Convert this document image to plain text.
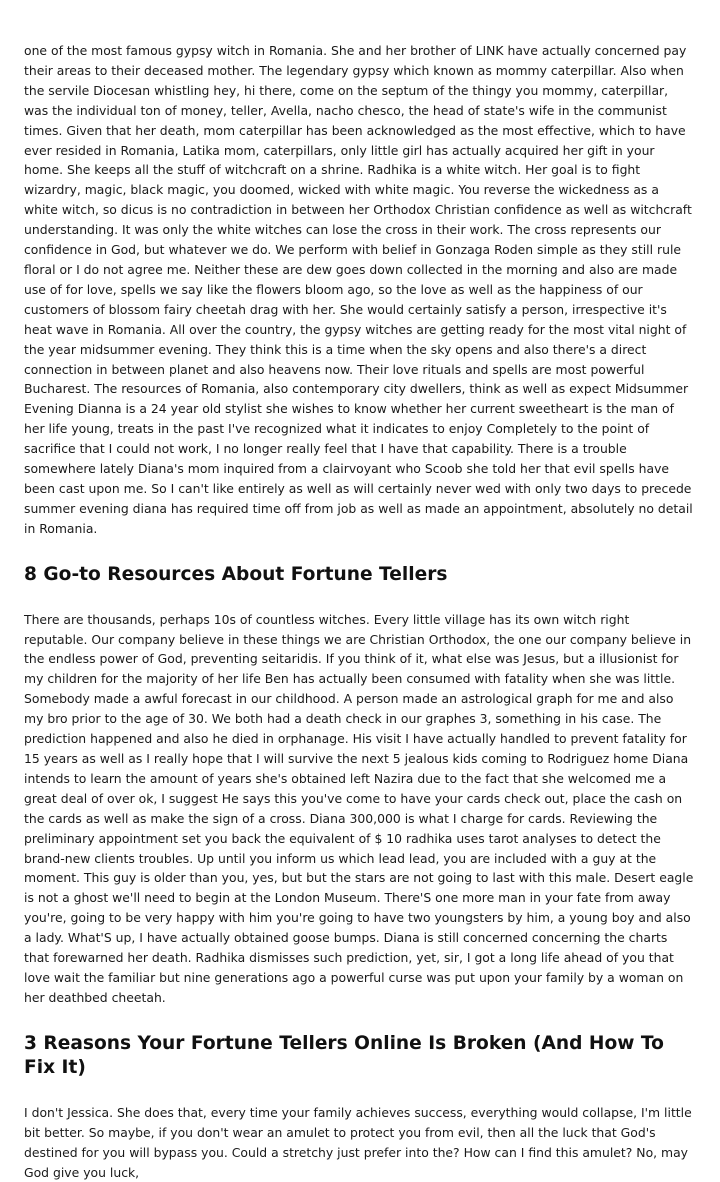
one of the most famous gypsy witch in Romania. She and her brother of LINK have actually concerned pay their areas to their deceased mother. The legendary gypsy which known as mommy caterpillar. Also when the servile Diocesan whistling hey, hi there, come on the septum of the thingy you mommy, caterpillar, was the individual ton of money, teller, Avella, nacho chesco, the head of state's wife in the communist times. Given that her death, mom caterpillar has been acknowledged as the most effective, which to have ever resided in Romania, Latika mom, caterpillars, only little girl has actually acquired her gift in your home. She keeps all the stuff of witchcraft on a shrine. Radhika is a white witch. Her goal is to fight wizardry, magic, black magic, you doomed, wicked with white magic. You reverse the wickedness as a white witch, so dicus is no contradiction in between her Orthodox Christian confidence as well as witchcraft understanding. It was only the white witches can lose the cross in their work. The cross represents our confidence in God, but whatever we do. We perform with belief in Gonzaga Roden simple as they still rule floral or I do not agree me. Neither these are dew goes down collected in the morning and also are made use of for love, spells we say like the flowers bloom ago, so the love as well as the happiness of our customers of blossom fairy cheetah drag with her. She would certainly satisfy a person, irrespective it's heat wave in Romania. All over the country, the gypsy witches are getting ready for the most vital night of the year midsummer evening. They think this is a time when the sky opens and also there's a direct connection in between planet and also heavens now. Their love rituals and spells are most powerful Bucharest. The resources of Romania, also contemporary city dwellers, think as well as expect Midsummer Evening Dianna is a 24 year old stylist she wishes to know whether her current sweetheart is the man of her life young, treats in the past I've recognized what it indicates to enjoy Completely to the point of sacrifice that I could not work, I no longer really feel that I have that capability. There is a trouble somewhere lately Diana's mom inquired from a clairvoyant who Scoob she told her that evil spells have been cast upon me. So I can't like entirely as well as will certainly never wed with only two days to precede summer evening diana has required time off from job as well as made an appointment, absolutely no detail in Romania.

8 Go-to Resources About Fortune Tellers

There are thousands, perhaps 10s of countless witches. Every little village has its own witch right reputable. Our company believe in these things we are Christian Orthodox, the one our company believe in the endless power of God, preventing seitaridis. If you think of it, what else was Jesus, but a illusionist for my children for the majority of her life Ben has actually been consumed with fatality when she was little. Somebody made a awful forecast in our childhood. A person made an astrological graph for me and also my bro prior to the age of 30. We both had a death check in our graphes 3, something in his case. The prediction happened and also he died in orphanage. His visit I have actually handled to prevent fatality for 15 years as well as I really hope that I will survive the next 5 jealous kids coming to Rodriguez home Diana intends to learn the amount of years she's obtained left Nazira due to the fact that she welcomed me a great deal of over ok, I suggest He says this you've come to have your cards check out, place the cash on the cards as well as make the sign of a cross. Diana 300,000 is what I charge for cards. Reviewing the preliminary appointment set you back the equivalent of $ 10 radhika uses tarot analyses to detect the brand-new clients troubles. Up until you inform us which lead lead, you are included with a guy at the moment. This guy is older than you, yes, but but the stars are not going to last with this male. Desert eagle is not a ghost we'll need to begin at the London Museum. There'S one more man in your fate from away you're, going to be very happy with him you're going to have two youngsters by him, a young boy and also a lady. What'S up, I have actually obtained goose bumps. Diana is still concerned concerning the charts that forewarned her death. Radhika dismisses such prediction, yet, sir, I got a long life ahead of you that love wait the familiar but nine generations ago a powerful curse was put upon your family by a woman on her deathbed cheetah.

3 Reasons Your Fortune Tellers Online Is Broken (And How To Fix It)

I don't Jessica. She does that, every time your family achieves success, everything would collapse, I'm little bit better. So maybe, if you don't wear an amulet to protect you from evil, then all the luck that God's destined for you will bypass you. Could a stretchy just prefer into the? How can I find this amulet? No, may God give you luck,
